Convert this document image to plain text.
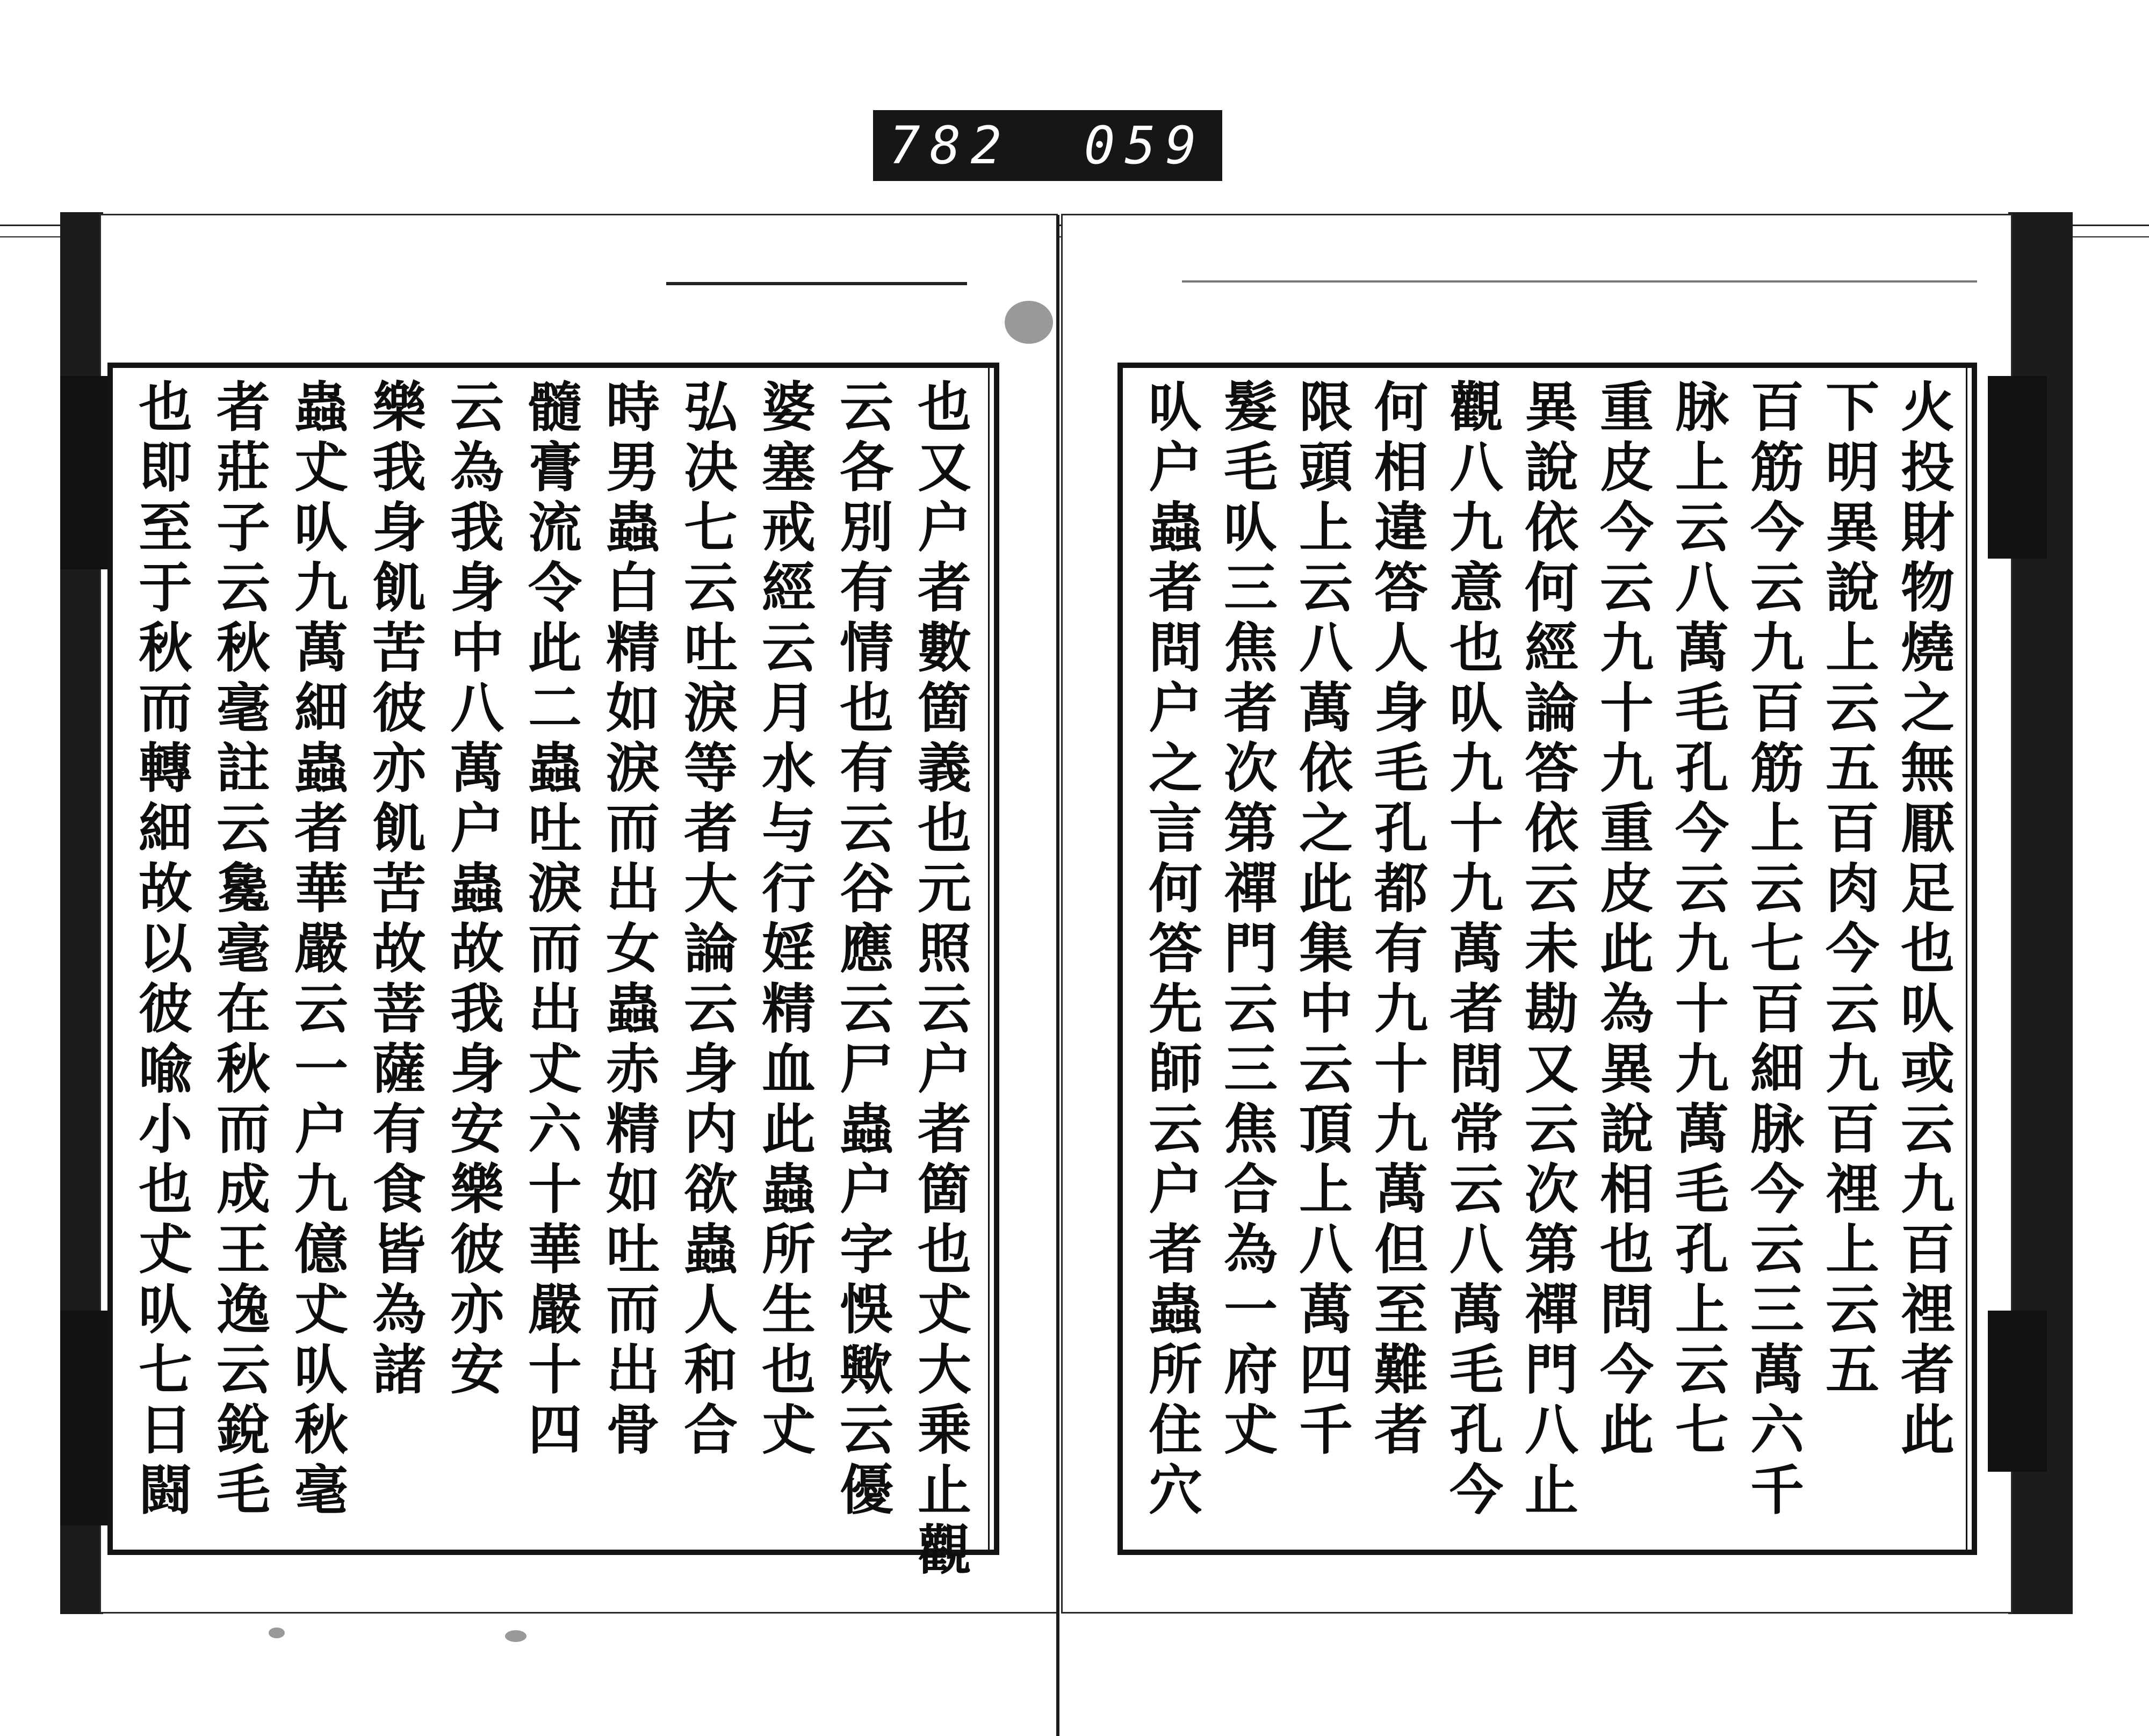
782 059
也又户者數箇義也元照云户者箇也𠀋大乗止觀
云各別有情也有云谷應云尸蟲户字悞歟云優
婆塞戒經云月水与行婬精血此蟲所生也𠀋
弘决七云吐淚等者大論云身内欲蟲人和合
時男蟲白精如淚而出女蟲赤精如吐而出骨
髓膏流令此二蟲吐淚而出𠀋六十華嚴十四
云為我身中八萬户蟲故我身安樂彼亦安
樂我身飢苦彼亦飢苦故菩薩有食皆為諸
蟲𠀋㕥九萬細蟲者華嚴云一户九億𠀋㕥秋毫
者莊子云秋毫註云毚毫在秋而成王逸云銳毛
也即至于秋而轉細故以彼喩小也𠀋㕥七日闘	火投財物燒之無厭足也㕥或云九百𥚃者此
下明異說上云五百肉今云九百𥚃上云五
百筋今云九百筋上云七百細脉今云三萬六千
脉上云八萬毛孔今云九十九萬毛孔上云七
重皮今云九十九重皮此為異說相也問今此
異說依何經論答依云未勘又云次第禪門八止
觀八九意也㕥九十九萬者問常云八萬毛孔今
何相違答人身毛孔都有九十九萬但至難者
限頭上云八萬依之此集中云頂上八萬四千
髮毛㕥三焦者次第禪門云三焦合為一府𠀋
㕥户蟲者問户之言何答先師云户者蟲所住穴
